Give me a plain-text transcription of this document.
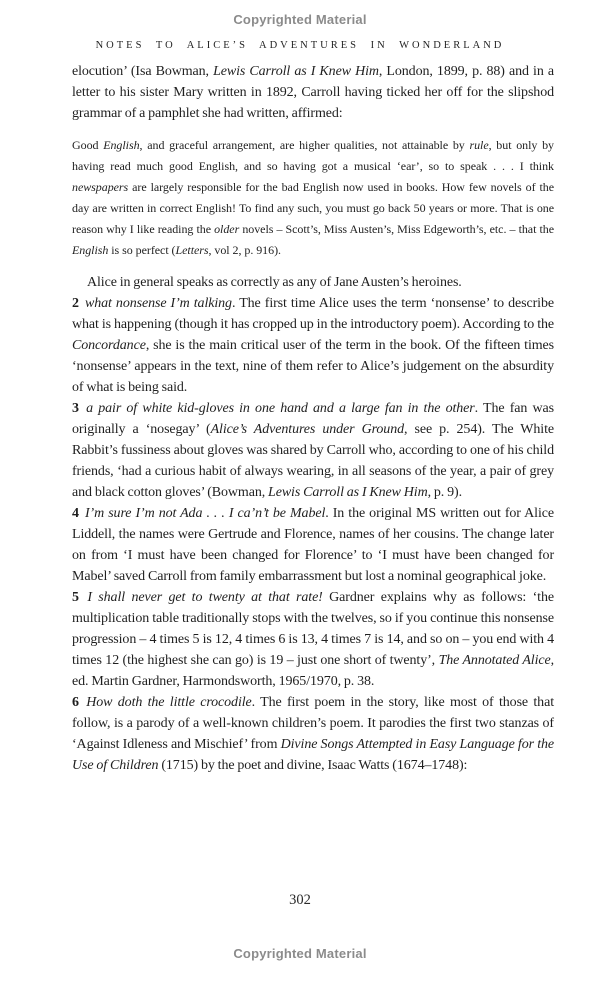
Copyrighted Material
NOTES TO ALICE’S ADVENTURES IN WONDERLAND

elocution’ (Isa Bowman, Lewis Carroll as I Knew Him, London, 1899, p. 88) and in a letter to his sister Mary written in 1892, Carroll having ticked her off for the slipshod grammar of a pamphlet she had written, affirmed:

Good English, and graceful arrangement, are higher qualities, not attainable by rule, but only by having read much good English, and so having got a musical ‘ear’, so to speak . . . I think newspapers are largely responsible for the bad English now used in books. How few novels of the day are written in correct English! To find any such, you must go back 50 years or more. That is one reason why I like reading the older novels – Scott’s, Miss Austen’s, Miss Edgeworth’s, etc. – that the English is so perfect (Letters, vol 2, p. 916).

Alice in general speaks as correctly as any of Jane Austen’s heroines.

2 what nonsense I’m talking. The first time Alice uses the term ‘nonsense’ to describe what is happening (though it has cropped up in the introductory poem). According to the Concordance, she is the main critical user of the term in the book. Of the fifteen times ‘nonsense’ appears in the text, nine of them refer to Alice’s judgement on the absurdity of what is being said.

3 a pair of white kid-gloves in one hand and a large fan in the other. The fan was originally a ‘nosegay’ (Alice’s Adventures under Ground, see p. 254). The White Rabbit’s fussiness about gloves was shared by Carroll who, according to one of his child friends, ‘had a curious habit of always wearing, in all seasons of the year, a pair of grey and black cotton gloves’ (Bowman, Lewis Carroll as I Knew Him, p. 9).

4 I’m sure I’m not Ada . . . I ca’n’t be Mabel. In the original MS written out for Alice Liddell, the names were Gertrude and Florence, names of her cousins. The change later on from ‘I must have been changed for Florence’ to ‘I must have been changed for Mabel’ saved Carroll from family embarrassment but lost a nominal geographical joke.

5 I shall never get to twenty at that rate! Gardner explains why as follows: ‘the multiplication table traditionally stops with the twelves, so if you continue this nonsense progression – 4 times 5 is 12, 4 times 6 is 13, 4 times 7 is 14, and so on – you end with 4 times 12 (the highest she can go) is 19 – just one short of twenty’, The Annotated Alice, ed. Martin Gardner, Harmondsworth, 1965/1970, p. 38.

6 How doth the little crocodile. The first poem in the story, like most of those that follow, is a parody of a well-known children’s poem. It parodies the first two stanzas of ‘Against Idleness and Mischief’ from Divine Songs Attempted in Easy Language for the Use of Children (1715) by the poet and divine, Isaac Watts (1674–1748):

302
Copyrighted Material
